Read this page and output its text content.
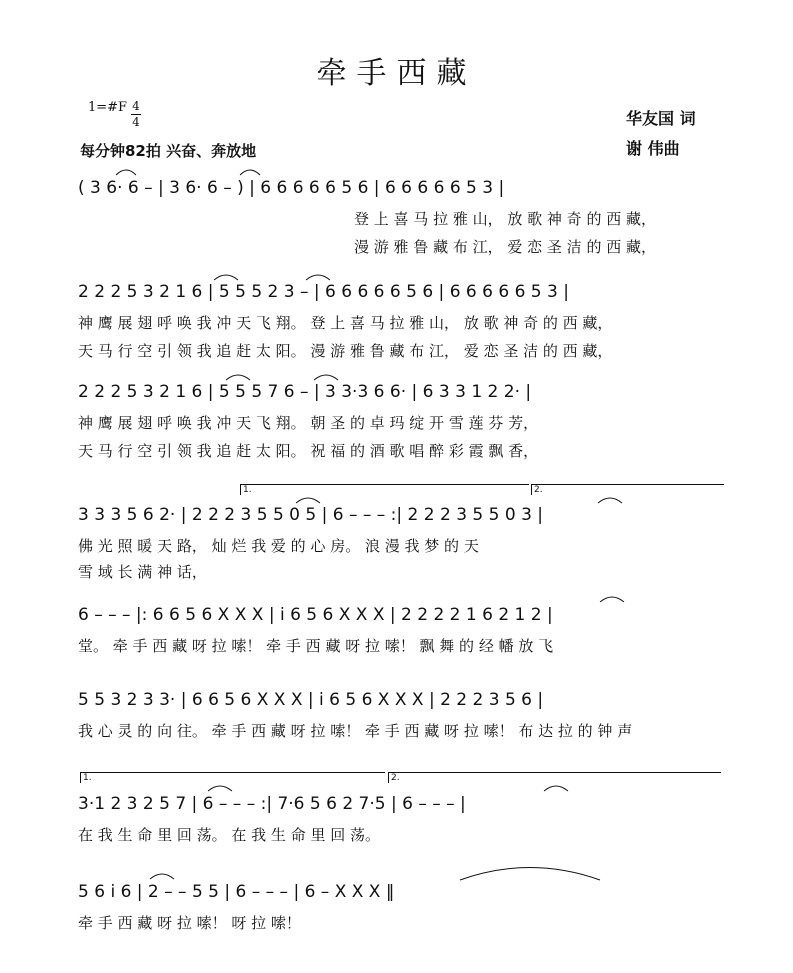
牵手西藏
1=#F 4
4
每分钟82拍 兴奋、奔放地
华友国 词
谢 伟曲
( 3 6· 6 – | 3 6· 6 – ) | 6 6 6 6 6 5 6 | 6 6 6 6 6 5 3 |
登 上 喜 马 拉 雅 山， 放 歌 神 奇 的 西 藏，
漫 游 雅 鲁 藏 布 江， 爱 恋 圣 洁 的 西 藏，
2 2 2 5 3 2 1 6 | 5 5 5 2 3 – | 6 6 6 6 6 5 6 | 6 6 6 6 6 5 3 |
神 鹰 展 翅 呼 唤 我 冲 天 飞 翔。 登 上 喜 马 拉 雅 山， 放 歌 神 奇 的 西 藏，
天 马 行 空 引 领 我 追 赶 太 阳。 漫 游 雅 鲁 藏 布 江， 爱 恋 圣 洁 的 西 藏，
2 2 2 5 3 2 1 6 | 5 5 5 7 6 – | 3 3·3 6 6· | 6 3 3 1 2 2· |
神 鹰 展 翅 呼 唤 我 冲 天 飞 翔。 朝 圣 的 卓 玛 绽 开 雪 莲 芬 芳，
天 马 行 空 引 领 我 追 赶 太 阳。 祝 福 的 酒 歌 唱 醉 彩 霞 飘 香，
1.	2.
3 3 3 5 6 2· | 2 2 2 3 5 5 0 5 | 6 – – – :| 2 2 2 3 5 5 0 3 |
佛 光 照 暖 天 路， 灿 烂 我 爱 的 心 房。 浪 漫 我 梦 的 天
雪 域 长 满 神 话，
6 – – – |: 6 6 5 6 X X X | i 6 5 6 X X X | 2 2 2 2 1 6 2 1 2 |
堂。 牵 手 西 藏 呀 拉 嗦！ 牵 手 西 藏 呀 拉 嗦！ 飘 舞 的 经 幡 放 飞
5 5 3 2 3 3· | 6 6 5 6 X X X | i 6 5 6 X X X | 2 2 2 3 5 6 |
我 心 灵 的 向 往。 牵 手 西 藏 呀 拉 嗦！ 牵 手 西 藏 呀 拉 嗦！ 布 达 拉 的 钟 声
1.	2.
3·1 2 3 2 5 7 | 6 – – – :| 7·6 5 6 2 7·5 | 6 – – – |
在 我 生 命 里 回 荡。 在 我 生 命 里 回 荡。
5 6 i 6 | 2 – – 5 5 | 6 – – – | 6 – X X X ‖
牵 手 西 藏 呀 拉 嗦！ 呀 拉 嗦！
